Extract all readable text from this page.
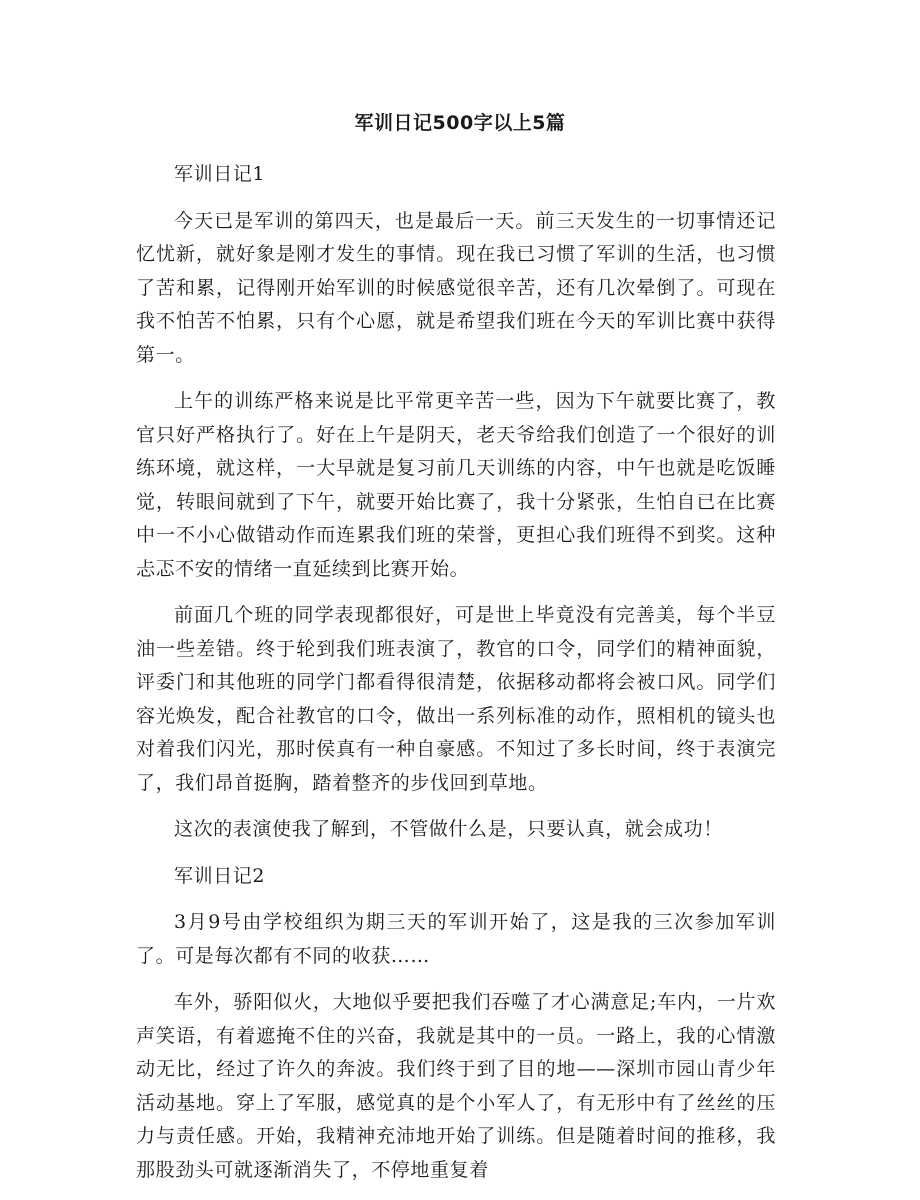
军训日记500字以上5篇

军训日记1

今天已是军训的第四天，也是最后一天。前三天发生的一切事情还记忆忧新，就好象是刚才发生的事情。现在我已习惯了军训的生活，也习惯了苦和累，记得刚开始军训的时候感觉很辛苦，还有几次晕倒了。可现在我不怕苦不怕累，只有个心愿，就是希望我们班在今天的军训比赛中获得第一。

上午的训练严格来说是比平常更辛苦一些，因为下午就要比赛了，教官只好严格执行了。好在上午是阴天，老天爷给我们创造了一个很好的训练环境，就这样，一大早就是复习前几天训练的内容，中午也就是吃饭睡觉，转眼间就到了下午，就要开始比赛了，我十分紧张，生怕自已在比赛中一不小心做错动作而连累我们班的荣誉，更担心我们班得不到奖。这种忐忑不安的情绪一直延续到比赛开始。

前面几个班的同学表现都很好，可是世上毕竟没有完善美，每个半豆油一些差错。终于轮到我们班表演了，教官的口令，同学们的精神面貌，评委门和其他班的同学门都看得很清楚，依据移动都将会被口风。同学们容光焕发，配合社教官的口令，做出一系列标准的动作，照相机的镜头也对着我们闪光，那时侯真有一种自豪感。不知过了多长时间，终于表演完了，我们昂首挺胸，踏着整齐的步伐回到草地。

这次的表演使我了解到，不管做什么是，只要认真，就会成功！

军训日记2

3月9号由学校组织为期三天的军训开始了，这是我的三次参加军训了。可是每次都有不同的收获……

车外，骄阳似火，大地似乎要把我们吞噬了才心满意足;车内，一片欢声笑语，有着遮掩不住的兴奋，我就是其中的一员。一路上，我的心情激动无比，经过了许久的奔波。我们终于到了目的地——深圳市园山青少年活动基地。穿上了军服，感觉真的是个小军人了，有无形中有了丝丝的压力与责任感。开始，我精神充沛地开始了训练。但是随着时间的推移，我那股劲头可就逐渐消失了，不停地重复着
